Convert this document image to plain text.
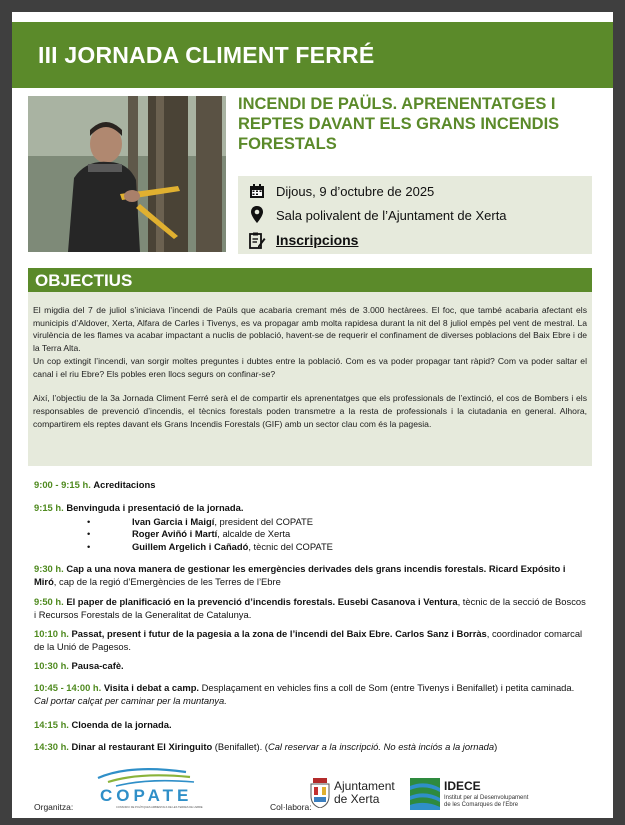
III JORNADA CLIMENT FERRÉ
INCENDI DE PAÜLS. APRENENTATGES I REPTES DAVANT ELS GRANS INCENDIS FORESTALS
Dijous, 9 d’octubre de 2025
Sala polivalent de l’Ajuntament de Xerta
Inscripcions
OBJECTIUS

El migdia del 7 de juliol s’iniciava l’incendi de Paüls que acabaria cremant més de 3.000 hectàrees. El foc, que també acabaria afectant els municipis d’Aldover, Xerta, Alfara de Carles i Tivenys, es va propagar amb molta rapidesa durant la nit del 8 juliol empès pel vent de mestral. La virulència de les flames va acabar impactant a nuclis de població, havent-se de requerir el confinament de diverses poblacions del Baix Ebre i de la Terra Alta.

Un cop extingit l’incendi, van sorgir moltes preguntes i dubtes entre la població. Com es va poder propagar tant ràpid? Com va poder saltar el canal i el riu Ebre? Els pobles eren llocs segurs on confinar-se?

Així, l’objectiu de la 3a Jornada Climent Ferré serà el de compartir els aprenentatges que els professionals de l’extinció, el cos de Bombers i els responsables de prevenció d’incendis, el tècnics forestals poden transmetre a la resta de professionals i la ciutadania en general. Alhora, compartirem els reptes davant els Grans Incendis Forestals (GIF) amb un sector clau com és la pagesia.

9:00 - 9:15 h. Acreditacions
9:15 h. Benvinguda i presentació de la jornada.
• Ivan Garcia i Maigí, president del COPATE
• Roger Aviñó i Martí, alcalde de Xerta
• Guillem Argelich i Cañadó, tècnic del COPATE
9:30 h. Cap a una nova manera de gestionar les emergències derivades dels grans incendis forestals. Ricard Expósito i Miró, cap de la regió d’Emergències de les Terres de l’Ebre
9:50 h. El paper de planificació en la prevenció d’incendis forestals. Eusebi Casanova i Ventura, tècnic de la secció de Boscos i Recursos Forestals de la Generalitat de Catalunya.
10:10 h. Passat, present i futur de la pagesia a la zona de l’incendi del Baix Ebre. Carlos Sanz i Borràs, coordinador comarcal de la Unió de Pagesos.
10:30 h. Pausa-cafè.
10:45 - 14:00 h. Visita i debat a camp. Desplaçament en vehicles fins a coll de Som (entre Tivenys i Benifallet) i petita caminada. Cal portar calçat per caminar per la muntanya.
14:15 h. Cloenda de la jornada.
14:30 h. Dinar al restaurant El Xiringuito (Benifallet). (Cal reservar a la inscripció. No està inciós a la jornada)
Organitza:
COPATE
CONSORCI DE POLÍTIQUES AMBIENTALS DE LES TERRES DE L'EBRE	Col·labora:
Ajuntament
de Xerta
IDECE
Institut per al Desenvolupament
de les Comarques de l’Ebre
